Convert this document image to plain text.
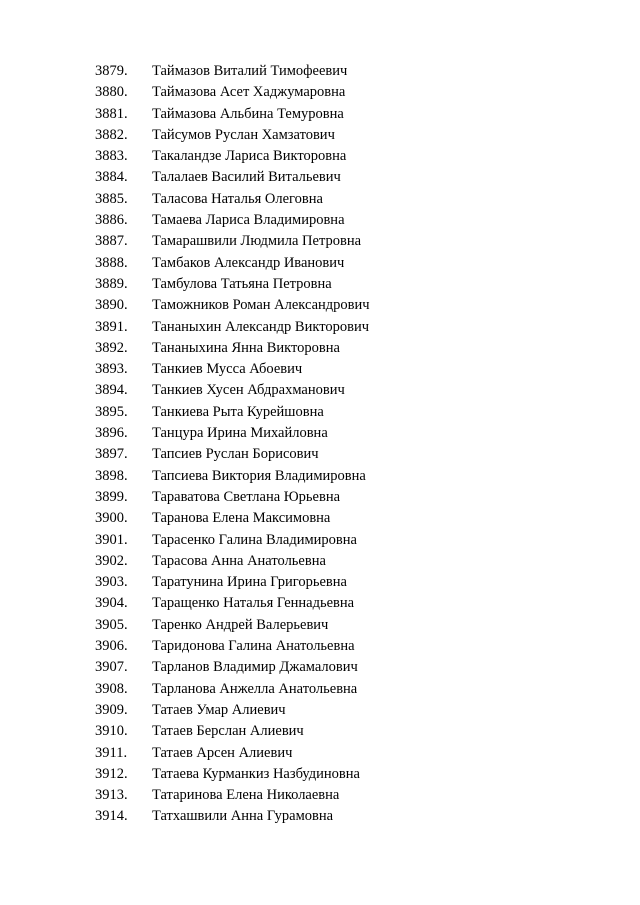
3879. Таймазов Виталий Тимофеевич
3880. Таймазова Асет Хаджумаровна
3881. Таймазова Альбина Темуровна
3882. Тайсумов Руслан Хамзатович
3883. Такаландзе Лариса Викторовна
3884. Талалаев Василий Витальевич
3885. Таласова Наталья Олеговна
3886. Тамаева Лариса Владимировна
3887. Тамарашвили Людмила Петровна
3888. Тамбаков Александр Иванович
3889. Тамбулова Татьяна Петровна
3890. Таможников Роман Александрович
3891. Тананыхин Александр Викторович
3892. Тананыхина Янна Викторовна
3893. Танкиев Мусса Абоевич
3894. Танкиев Хусен Абдрахманович
3895. Танкиева Рыта Курейшовна
3896. Танцура Ирина Михайловна
3897. Тапсиев Руслан Борисович
3898. Тапсиева Виктория Владимировна
3899. Тараватова Светлана Юрьевна
3900. Таранова Елена Максимовна
3901. Тарасенко Галина Владимировна
3902. Тарасова Анна Анатольевна
3903. Таратунина Ирина Григорьевна
3904. Таращенко Наталья Геннадьевна
3905. Таренко Андрей Валерьевич
3906. Таридонова Галина Анатольевна
3907. Тарланов Владимир Джамалович
3908. Тарланова Анжелла Анатольевна
3909. Татаев Умар Алиевич
3910. Татаев Берслан Алиевич
3911. Татаев Арсен Алиевич
3912. Татаева Курманкиз Назбудиновна
3913. Татаринова Елена Николаевна
3914. Татхашвили Анна Гурамовна
